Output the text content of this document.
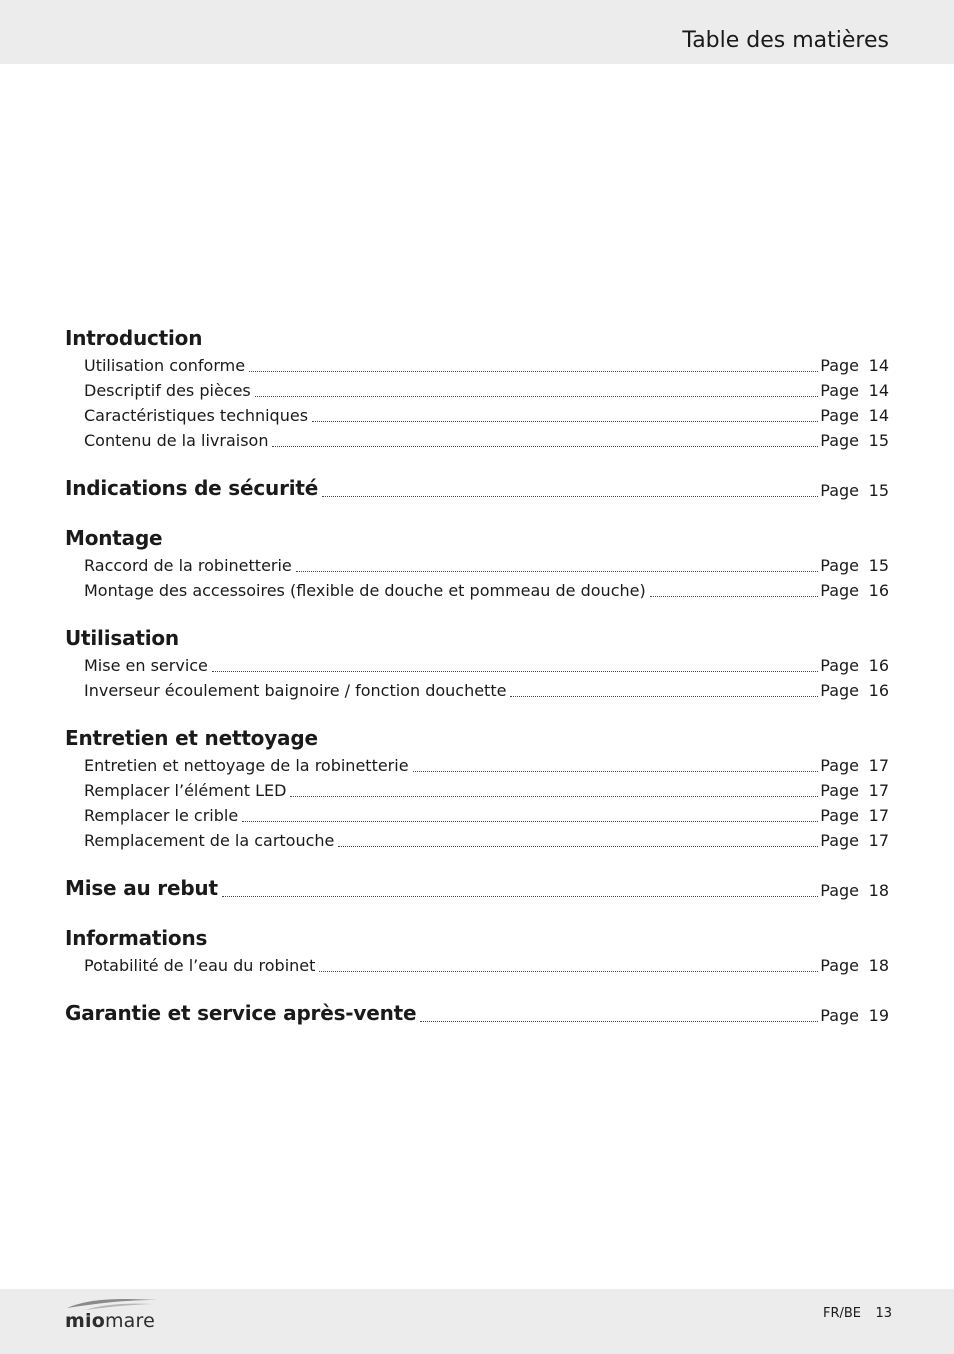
Table des matières
Introduction
Utilisation conforme	Page 14
Descriptif des pièces	Page 14
Caractéristiques techniques	Page 14
Contenu de la livraison	Page 15
Indications de sécurité	Page 15
Montage
Raccord de la robinetterie	Page 15
Montage des accessoires (flexible de douche et pommeau de douche)	Page 16
Utilisation
Mise en service	Page 16
Inverseur écoulement baignoire / fonction douchette	Page 16
Entretien et nettoyage
Entretien et nettoyage de la robinetterie	Page 17
Remplacer l’élément LED	Page 17
Remplacer le crible	Page 17
Remplacement de la cartouche	Page 17
Mise au rebut	Page 18
Informations
Potabilité de l’eau du robinet	Page 18
Garantie et service après-vente	Page 19
miomare	FR/BE 13
